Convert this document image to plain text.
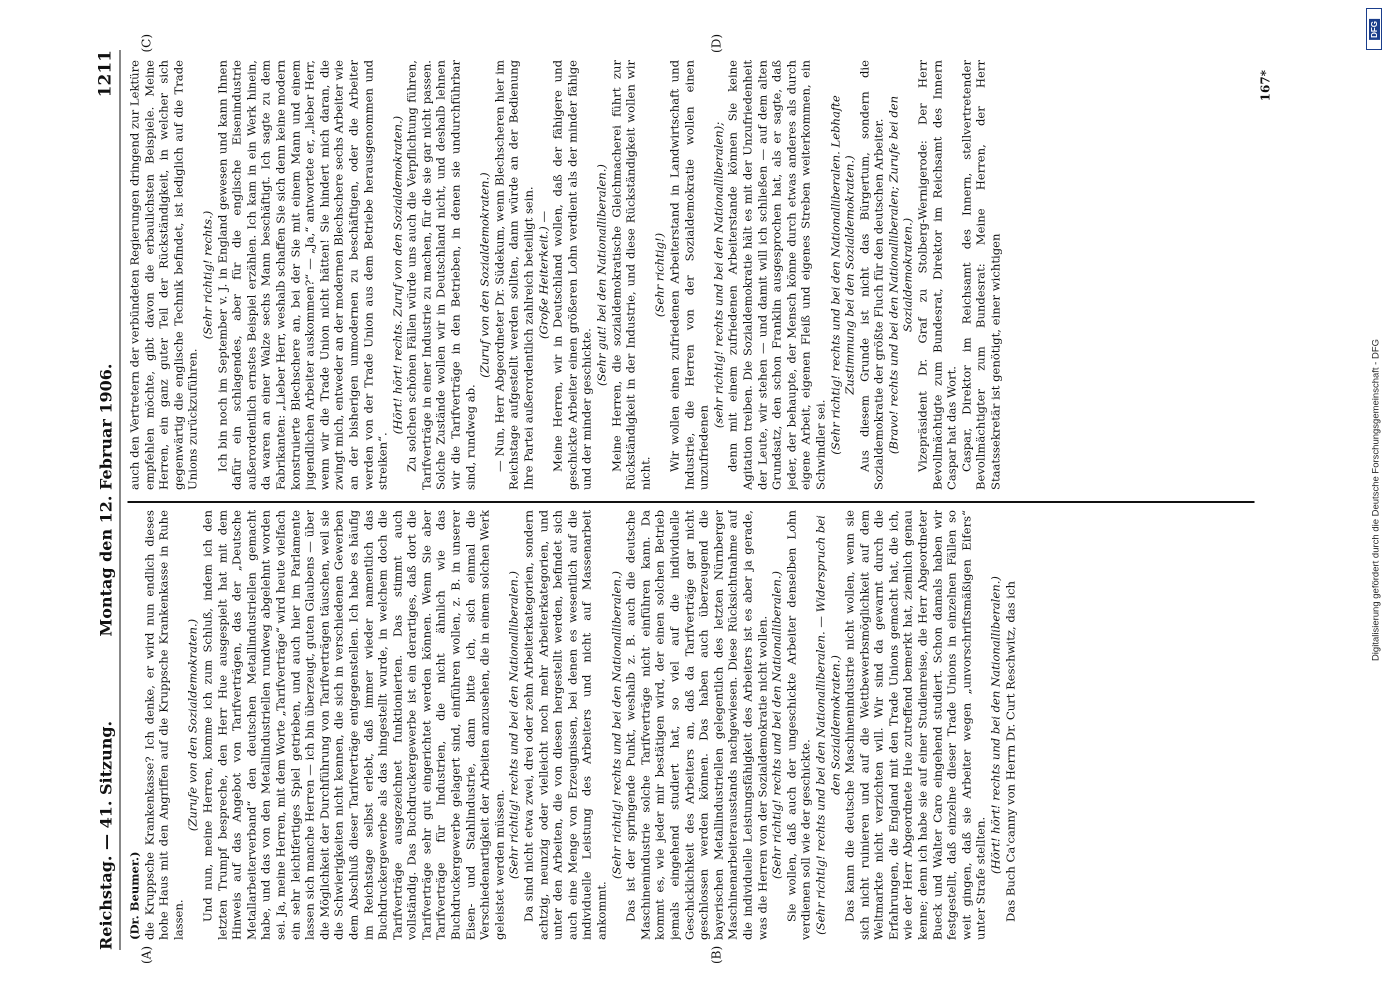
Reichstag. — 41. Sitzung.
Montag den 12. Februar 1906.
1211
(A)	(B)
(C)	(D)

(Dr. Beumer.) die Kruppsche Krankenkasse? Ich denke, er wird nun endlich dieses hohe Haus mit den Angriffen auf die Kruppsche Krankenkasse in Ruhe lassen.

(Zurufe von den Sozialdemokraten.) Und nun, meine Herren, komme ich zum Schluß, indem ich den letzten Trumpf bespreche, den Herr Hue ausgespielt hat mit dem Hinweis auf das Angebot von Tarifverträgen, das der „Deutsche Metallarbeiterverband“ den deutschen Metallindustriellen gemacht habe, und das von den Metallindustriellen rundweg abgelehnt worden sei. Ja, meine Herren, mit dem Worte „Tarifverträge“ wird heute vielfach ein sehr leichtfertiges Spiel getrieben, und auch hier im Parlamente lassen sich manche Herren — ich bin überzeugt, guten Glaubens — über die Möglichkeit der Durchführung von Tarifverträgen täuschen, weil sie die Schwierigkeiten nicht kennen, die sich in verschiedenen Gewerben dem Abschluß dieser Tarifverträge entgegenstellen. Ich habe es häufig im Reichstage selbst erlebt, daß immer wieder namentlich das Buchdruckergewerbe als das hingestellt wurde, in welchem doch die Tarifverträge ausgezeichnet funktionierten. Das stimmt auch vollständig. Das Buchdruckergewerbe ist ein derartiges, daß dort die Tarifverträge sehr gut eingerichtet werden können. Wenn Sie aber Tarifverträge für Industrien, die nicht ähnlich wie das Buchdruckergewerbe gelagert sind, einführen wollen, z. B. in unserer Eisen- und Stahlindustrie, dann bitte ich, sich einmal die Verschiedenartigkeit der Arbeiten anzusehen, die in einem solchen Werk geleistet werden müssen. (Sehr richtig! rechts und bei den Nationalliberalen.) Da sind nicht etwa zwei, drei oder zehn Arbeiterkategorien, sondern achtzig, neunzig oder vielleicht noch mehr Arbeiterkategorien, und unter den Arbeiten, die von diesen hergestellt werden, befindet sich auch eine Menge von Erzeugnissen, bei denen es wesentlich auf die individuelle Leistung des Arbeiters und nicht auf Massenarbeit ankommt.

(Sehr richtig! rechts und bei den Nationalliberalen.) Das ist der springende Punkt, weshalb z. B. auch die deutsche Maschinenindustrie solche Tarifverträge nicht einführen kann. Da kommt es, wie jeder mir bestätigen wird, der einen solchen Betrieb jemals eingehend studiert hat, so viel auf die individuelle Geschicklichkeit des Arbeiters an, daß da Tarifverträge gar nicht geschlossen werden können. Das haben auch überzeugend die bayerischen Metallindustriellen gelegentlich des letzten Nürnberger Maschinenarbeiterausstands nachgewiesen. Diese Rücksichtnahme auf die individuelle Leistungsfähigkeit des Arbeiters ist es aber ja gerade, was die Herren von der Sozialdemokratie nicht wollen. (Sehr richtig! rechts und bei den Nationalliberalen.) Sie wollen, daß auch der ungeschickte Arbeiter denselben Lohn verdienen soll wie der geschickte. (Sehr richtig! rechts und bei den Nationalliberalen. — Widerspruch bei den Sozialdemokraten.) Das kann die deutsche Maschinenindustrie nicht wollen, wenn sie sich nicht ruinieren und auf die Wettbewerbsmöglichkeit auf dem Weltmarkte nicht verzichten will. Wir sind da gewarnt durch die Erfahrungen, die England mit den Trade Unions gemacht hat, die ich, wie der Herr Abgeordnete Hue zutreffend bemerkt hat, ziemlich genau kenne; denn ich habe sie auf einer Studienreise, die Herr Abgeordneter Bueck und Walter Caro eingehend studiert. Schon damals haben wir festgestellt, daß einzelne dieser Trade Unions in einzelnen Fällen so weit gingen, daß sie Arbeiter wegen „unvorschriftsmäßigen Eifers“ unter Strafe stellten.

(Hört! hört! rechts und bei den Nationalliberalen.) Das Buch Ca'canny von Herrn Dr. Curt Reschwitz, das ich

auch den Vertretern der verbündeten Regierungen dringend zur Lektüre empfehlen möchte, gibt davon die erbaulichsten Beispiele. Meine Herren, ein ganz guter Teil der Rückständigkeit, in welcher sich gegenwärtig die englische Technik befindet, ist lediglich auf die Trade Unions zurückzuführen.

(Sehr richtig! rechts.) Ich bin noch im September v. J. in England gewesen und kann Ihnen dafür ein schlagendes, aber für die englische Eisenindustrie außerordentlich ernstes Beispiel erzählen. Ich kam in ein Werk hinein, da waren an einer Walze sechs Mann beschäftigt. Ich sagte zu dem Fabrikanten: „Lieber Herr, weshalb schaffen Sie sich denn keine modern konstruierte Blechschere an, bei der Sie mit einem Mann und einem jugendlichen Arbeiter auskommen?“ — „Ja,“ antwortete er, „lieber Herr, wenn wir die Trade Union nicht hätten! Sie hindert mich daran, die zwingt mich, entweder an der modernen Blechschere sechs Arbeiter wie an der bisherigen unmodernen zu beschäftigen, oder die Arbeiter werden von der Trade Union aus dem Betriebe herausgenommen und streiken“.

(Hört! hört! rechts. Zuruf von den Sozialdemokraten.) Zu solchen schönen Fällen würde uns auch die Verpflichtung führen, Tarifverträge in einer Industrie zu machen, für die sie gar nicht passen. Solche Zustände wollen wir in Deutschland nicht, und deshalb lehnen wir die Tarifverträge in den Betrieben, in denen sie undurchführbar sind, rundweg ab.

(Zuruf von den Sozialdemokraten.) — Nun, Herr Abgeordneter Dr. Südekum, wenn Blechscheren hier im Reichstage aufgestellt werden sollten, dann würde an der Bedienung Ihre Partei außerordentlich zahlreich beteiligt sein. (Große Heiterkeit.) — Meine Herren, wir in Deutschland wollen, daß der fähigere und geschickte Arbeiter einen größeren Lohn verdient als der minder fähige und der minder geschickte.

(Sehr gut! bei den Nationalliberalen.) Meine Herren, die sozialdemokratische Gleichmacherei führt zur Rückständigkeit in der Industrie, und diese Rückständigkeit wollen wir nicht.

(Sehr richtig!) Wir wollen einen zufriedenen Arbeiterstand in Landwirtschaft und Industrie, die Herren von der Sozialdemokratie wollen einen unzufriedenen

(sehr richtig! rechts und bei den Nationalliberalen); denn mit einem zufriedenen Arbeiterstande können Sie keine Agitation treiben. Die Sozialdemokratie hält es mit der Unzufriedenheit der Leute, wir stehen — und damit will ich schließen — auf dem alten Grundsatz, den schon Franklin ausgesprochen hat, als er sagte, daß jeder, der behaupte, der Mensch könne durch etwas anderes als durch eigene Arbeit, eigenen Fleiß und eigenes Streben weiterkommen, ein Schwindler sei. (Sehr richtig! rechts und bei den Nationalliberalen. Lebhafte Zustimmung bei den Sozialdemokraten.) Aus diesem Grunde ist nicht das Bürgertum, sondern die Sozialdemokratie der größte Fluch für den deutschen Arbeiter. (Bravo! rechts und bei den Nationalliberalen; Zurufe bei den Sozialdemokraten.) Vizepräsident Dr. Graf zu Stolberg-Wernigerode: Der Herr Bevollmächtigte zum Bundesrat, Direktor im Reichsamt des Innern Caspar hat das Wort. Caspar, Direktor im Reichsamt des Innern, stellvertretender Bevollmächtigter zum Bundesrat: Meine Herren, der Herr Staatssekretär ist genötigt, einer wichtigen

167*
DFG
Digitalisierung gefördert durch die Deutsche Forschungsgemeinschaft - DFG
